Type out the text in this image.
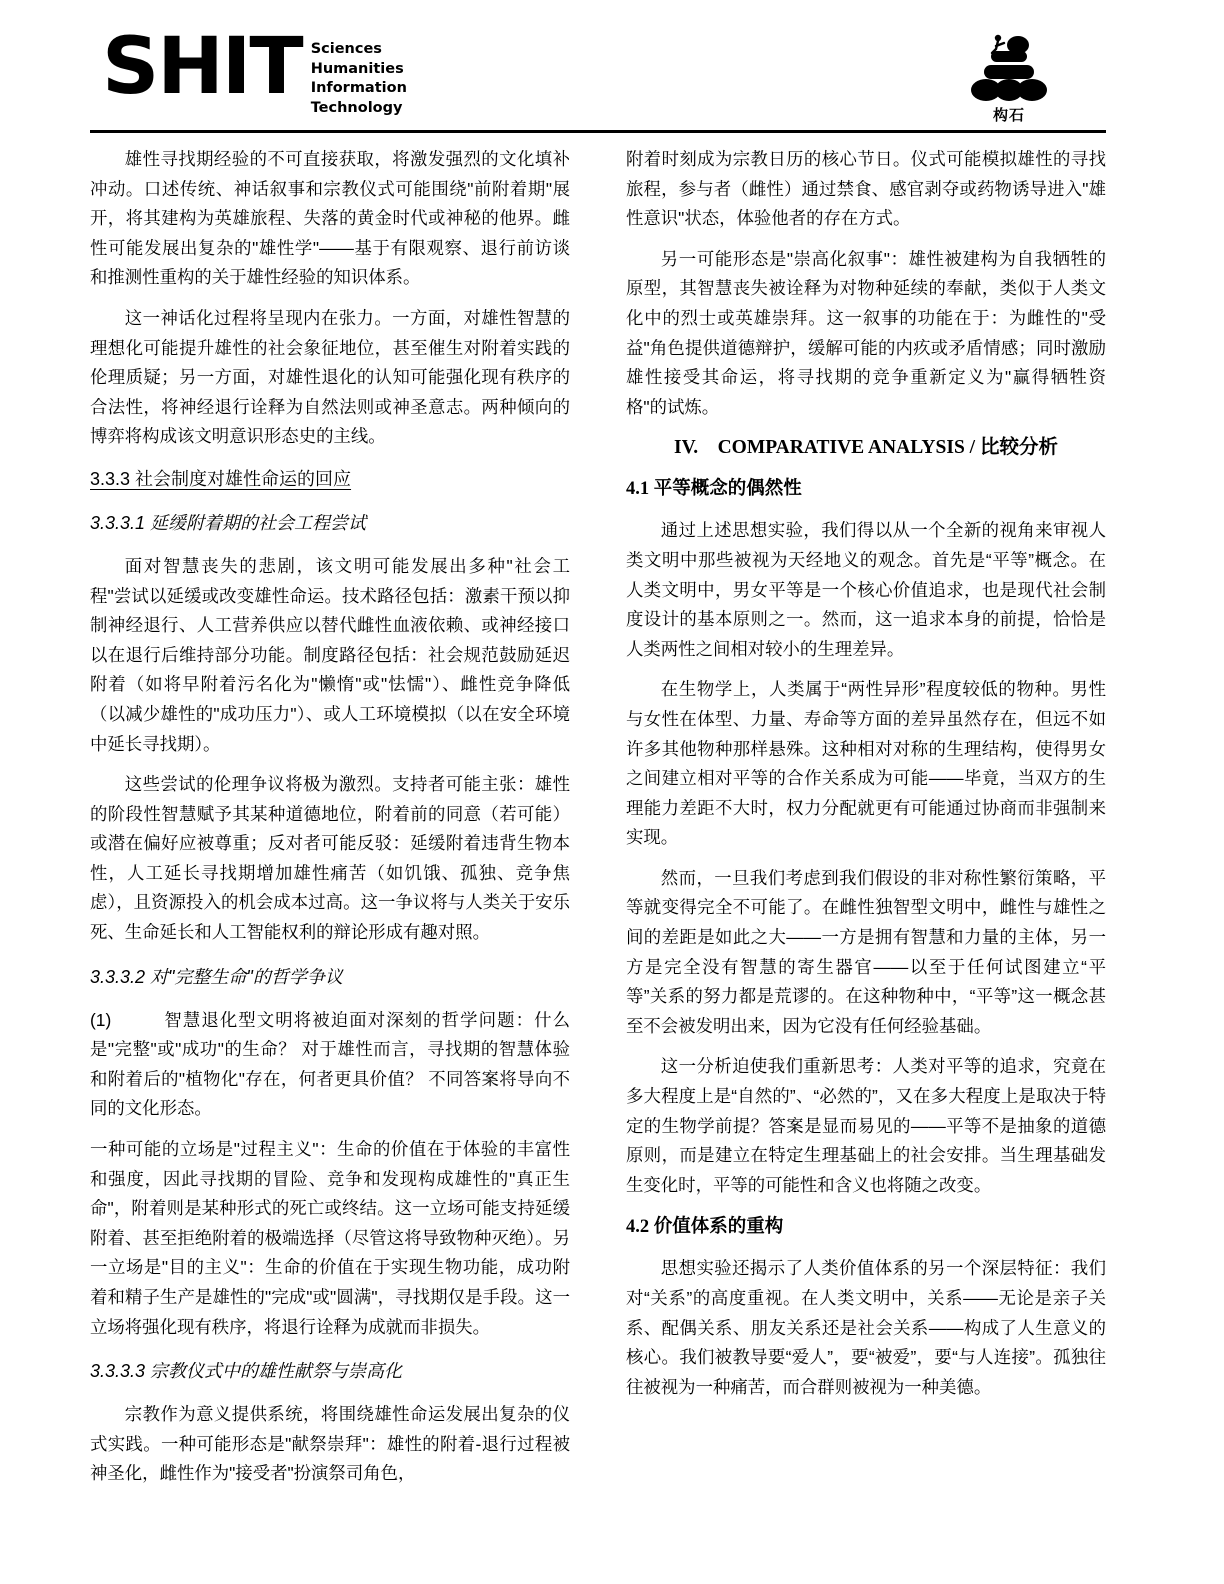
SHIT Sciences
Humanities
Information
Technology	构石

雄性寻找期经验的不可直接获取，将激发强烈的文化填补冲动。口述传统、神话叙事和宗教仪式可能围绕"前附着期"展开，将其建构为英雄旅程、失落的黄金时代或神秘的他界。雌性可能发展出复杂的"雄性学"——基于有限观察、退行前访谈和推测性重构的关于雄性经验的知识体系。

这一神话化过程将呈现内在张力。一方面，对雄性智慧的理想化可能提升雄性的社会象征地位，甚至催生对附着实践的伦理质疑；另一方面，对雄性退化的认知可能强化现有秩序的合法性，将神经退行诠释为自然法则或神圣意志。两种倾向的博弈将构成该文明意识形态史的主线。

3.3.3 社会制度对雄性命运的回应
3.3.3.1 延缓附着期的社会工程尝试

面对智慧丧失的悲剧，该文明可能发展出多种"社会工程"尝试以延缓或改变雄性命运。技术路径包括：激素干预以抑制神经退行、人工营养供应以替代雌性血液依赖、或神经接口以在退行后维持部分功能。制度路径包括：社会规范鼓励延迟附着（如将早附着污名化为"懒惰"或"怯懦"）、雌性竞争降低（以减少雄性的"成功压力"）、或人工环境模拟（以在安全环境中延长寻找期）。

这些尝试的伦理争议将极为激烈。支持者可能主张：雄性的阶段性智慧赋予其某种道德地位，附着前的同意（若可能）或潜在偏好应被尊重；反对者可能反驳：延缓附着违背生物本性，人工延长寻找期增加雄性痛苦（如饥饿、孤独、竞争焦虑），且资源投入的机会成本过高。这一争议将与人类关于安乐死、生命延长和人工智能权利的辩论形成有趣对照。

3.3.3.2 对"完整生命"的哲学争议

(1)	智慧退化型文明将被迫面对深刻的哲学问题：什么是"完整"或"成功"的生命？ 对于雄性而言，寻找期的智慧体验和附着后的"植物化"存在，何者更具价值？ 不同答案将导向不同的文化形态。

一种可能的立场是"过程主义"：生命的价值在于体验的丰富性和强度，因此寻找期的冒险、竞争和发现构成雄性的"真正生命"，附着则是某种形式的死亡或终结。这一立场可能支持延缓附着、甚至拒绝附着的极端选择（尽管这将导致物种灭绝）。另一立场是"目的主义"：生命的价值在于实现生物功能，成功附着和精子生产是雄性的"完成"或"圆满"，寻找期仅是手段。这一立场将强化现有秩序，将退行诠释为成就而非损失。

3.3.3.3 宗教仪式中的雄性献祭与崇高化

宗教作为意义提供系统，将围绕雄性命运发展出复杂的仪式实践。一种可能形态是"献祭崇拜"：雄性的附着-退行过程被神圣化，雌性作为"接受者"扮演祭司角色，

附着时刻成为宗教日历的核心节日。仪式可能模拟雄性的寻找旅程，参与者（雌性）通过禁食、感官剥夺或药物诱导进入"雄性意识"状态，体验他者的存在方式。

另一可能形态是"崇高化叙事"：雄性被建构为自我牺牲的原型，其智慧丧失被诠释为对物种延续的奉献，类似于人类文化中的烈士或英雄崇拜。这一叙事的功能在于：为雌性的"受益"角色提供道德辩护，缓解可能的内疚或矛盾情感；同时激励雄性接受其命运，将寻找期的竞争重新定义为"赢得牺牲资格"的试炼。

IV.　COMPARATIVE ANALYSIS / 比较分析
4.1 平等概念的偶然性

通过上述思想实验，我们得以从一个全新的视角来审视人类文明中那些被视为天经地义的观念。首先是“平等”概念。在人类文明中，男女平等是一个核心价值追求，也是现代社会制度设计的基本原则之一。然而，这一追求本身的前提，恰恰是人类两性之间相对较小的生理差异。

在生物学上，人类属于“两性异形”程度较低的物种。男性与女性在体型、力量、寿命等方面的差异虽然存在，但远不如许多其他物种那样悬殊。这种相对对称的生理结构，使得男女之间建立相对平等的合作关系成为可能——毕竟，当双方的生理能力差距不大时，权力分配就更有可能通过协商而非强制来实现。

然而，一旦我们考虑到我们假设的非对称性繁衍策略，平等就变得完全不可能了。在雌性独智型文明中，雌性与雄性之间的差距是如此之大——一方是拥有智慧和力量的主体，另一方是完全没有智慧的寄生器官——以至于任何试图建立“平等”关系的努力都是荒谬的。在这种物种中，“平等”这一概念甚至不会被发明出来，因为它没有任何经验基础。

这一分析迫使我们重新思考：人类对平等的追求，究竟在多大程度上是“自然的”、“必然的”，又在多大程度上是取决于特定的生物学前提？答案是显而易见的——平等不是抽象的道德原则，而是建立在特定生理基础上的社会安排。当生理基础发生变化时，平等的可能性和含义也将随之改变。

4.2 价值体系的重构

思想实验还揭示了人类价值体系的另一个深层特征：我们对“关系”的高度重视。在人类文明中，关系——无论是亲子关系、配偶关系、朋友关系还是社会关系——构成了人生意义的核心。我们被教导要“爱人”，要“被爱”，要“与人连接”。孤独往往被视为一种痛苦，而合群则被视为一种美德。
